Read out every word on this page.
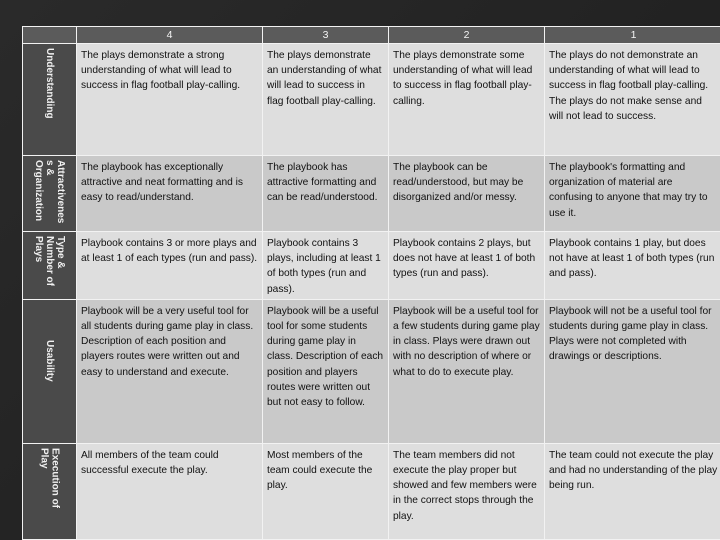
	4	3	2	1

Understanding	The plays demonstrate a strong understanding of what will lead to success in flag football play-calling.	The plays demonstrate an understanding of what will lead to success in flag football play-calling.	The plays demonstrate some understanding of what will lead to success in flag football play-calling.	The plays do not demonstrate an understanding of what will lead to success in flag football play-calling. The plays do not make sense and will not lead to success.

Attractivenes
s &
Organization	The playbook has exceptionally attractive and neat formatting and is easy to read/understand.	The playbook has attractive formatting and can be read/understood.	The playbook can be read/understood, but may be disorganized and/or messy.	The playbook's formatting and organization of material are confusing to anyone that may try to use it.

Type &
Number of
Plays	Playbook contains 3 or more plays and at least 1 of each types (run and pass).	Playbook contains 3 plays, including at least 1 of both types (run and pass).	Playbook contains 2 plays, but does not have at least 1 of both types (run and pass).	Playbook contains 1 play, but does not have at least 1 of both types (run and pass).

Usability	Playbook will be a very useful tool for all students during game play in class. Description of each position and players routes were written out and easy to understand and execute.	Playbook will be a useful tool for some students during game play in class. Description of each position and players routes were written out but not easy to follow.	Playbook will be a useful tool for a few students during game play in class. Plays were drawn out with no description of where or what to do to execute play.	Playbook will not be a useful tool for students during game play in class. Plays were not completed with drawings or descriptions.

Execution of
Play	All members of the team could successful execute the play.	Most members of the team could execute the play.	The team members did not execute the play proper but showed and few members were in the correct stops through the play.	The team could not execute the play and had no understanding of the play being run.
